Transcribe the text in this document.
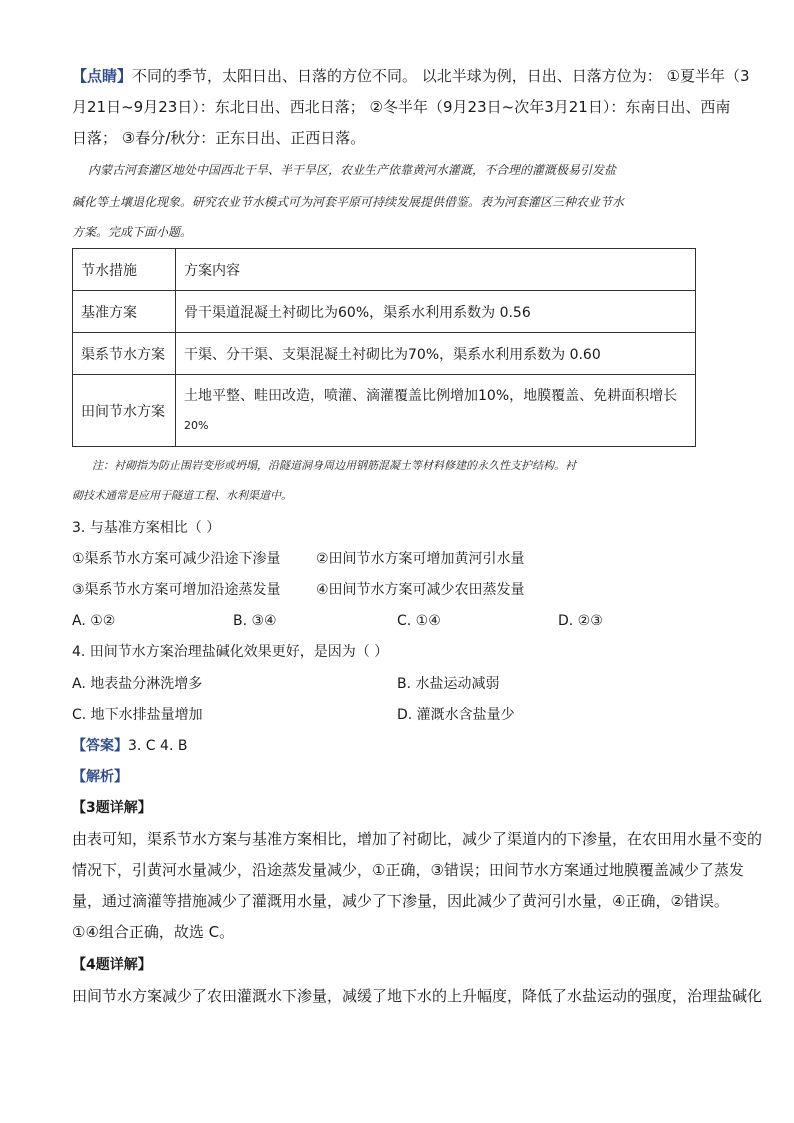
【点睛】不同的季节，太阳日出、日落的方位不同。 以北半球为例，日出、日落方位为： ①夏半年（3
月21日~9月23日）：东北日出、西北日落； ②冬半年（9月23日~次年3月21日）：东南日出、西南
日落； ③春分/秋分：正东日出、正西日落。
内蒙古河套灌区地处中国西北干旱、半干旱区，农业生产依靠黄河水灌溉，不合理的灌溉极易引发盐
碱化等土壤退化现象。研究农业节水模式可为河套平原可持续发展提供借鉴。表为河套灌区三种农业节水
方案。完成下面小题。
节水措施	方案内容
基准方案	骨干渠道混凝土衬砌比为60%，渠系水利用系数为 0.56
渠系节水方案	干渠、分干渠、支渠混凝土衬砌比为70%，渠系水利用系数为 0.60
田间节水方案	土地平整、畦田改造，喷灌、滴灌覆盖比例增加10%，地膜覆盖、免耕面积增长
20%
注：衬砌指为防止围岩变形或坍塌，沿隧道洞身周边用钢筋混凝土等材料修建的永久性支护结构。衬
砌技术通常是应用于隧道工程、水利渠道中。
3. 与基准方案相比（ ）
①渠系节水方案可减少沿途下渗量	②田间节水方案可增加黄河引水量
③渠系节水方案可增加沿途蒸发量	④田间节水方案可减少农田蒸发量
A. ①②	B. ③④	C. ①④	D. ②③
4. 田间节水方案治理盐碱化效果更好，是因为（ ）
A. 地表盐分淋洗增多	B. 水盐运动减弱
C. 地下水排盐量增加	D. 灌溉水含盐量少
【答案】3. C 4. B
【解析】
【3题详解】
由表可知，渠系节水方案与基准方案相比，增加了衬砌比，减少了渠道内的下渗量，在农田用水量不变的
情况下，引黄河水量减少，沿途蒸发量减少，①正确，③错误；田间节水方案通过地膜覆盖减少了蒸发
量，通过滴灌等措施减少了灌溉用水量，减少了下渗量，因此减少了黄河引水量，④正确，②错误。
①④组合正确，故选 C。
【4题详解】
田间节水方案减少了农田灌溉水下渗量，减缓了地下水的上升幅度，降低了水盐运动的强度，治理盐碱化
